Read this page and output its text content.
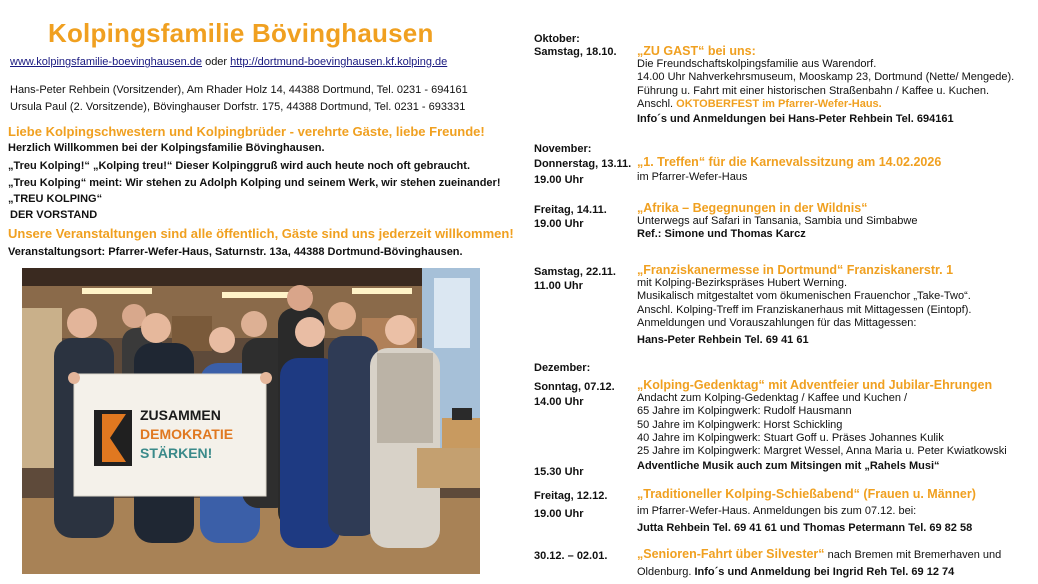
Kolpingsfamilie Bövinghausen
www.kolpingsfamilie-boevinghausen.de oder http://dortmund-boevinghausen.kf.kolping.de
Hans-Peter Rehbein (Vorsitzender), Am Rhader Holz 14, 44388 Dortmund, Tel. 0231 - 694161
Ursula Paul (2. Vorsitzende), Bövinghauser Dorfstr. 175, 44388 Dortmund, Tel. 0231 - 693331
Liebe Kolpingschwestern und Kolpingbrüder - verehrte Gäste, liebe Freunde!
Herzlich Willkommen bei der Kolpingsfamilie Bövinghausen.
„Treu Kolping!“ „Kolping treu!“ Dieser Kolpinggruß wird auch heute noch oft gebraucht.
„Treu Kolping“ meint: Wir stehen zu Adolph Kolping und seinem Werk, wir stehen zueinander!
„TREU KOLPING“
DER VORSTAND
Unsere Veranstaltungen sind alle öffentlich, Gäste sind uns jederzeit willkommen!
Veranstaltungsort: Pfarrer-Wefer-Haus, Saturnstr. 13a, 44388 Dortmund-Bövinghausen.
ZUSAMMEN
DEMOKRATIE
STÄRKEN!
Oktober:
Samstag, 18.10. „ZU GAST“ bei uns:
Die Freundschaftskolpingsfamilie aus Warendorf.
14.00 Uhr Nahverkehrsmuseum, Mooskamp 23, Dortmund (Nette/ Mengede).
Führung u. Fahrt mit einer historischen Straßenbahn / Kaffee u. Kuchen.
Anschl. OKTOBERFEST im Pfarrer-Wefer-Haus.
Info´s und Anmeldungen bei Hans-Peter Rehbein Tel. 694161
November:
Donnerstag, 13.11.
19.00 Uhr
„1. Treffen“ für die Karnevalssitzung am 14.02.2026
im Pfarrer-Wefer-Haus
Freitag, 14.11.
19.00 Uhr
„Afrika – Begegnungen in der Wildnis“
Unterwegs auf Safari in Tansania, Sambia und Simbabwe
Ref.: Simone und Thomas Karcz
Samstag, 22.11.
11.00 Uhr
„Franziskanermesse in Dortmund“ Franziskanerstr. 1
mit Kolping-Bezirkspräses Hubert Werning.
Musikalisch mitgestaltet vom ökumenischen Frauenchor „Take-Two“.
Anschl. Kolping-Treff im Franziskanerhaus mit Mittagessen (Eintopf).
Anmeldungen und Vorauszahlungen für das Mittagessen:
Hans-Peter Rehbein Tel. 69 41 61
Dezember:
Sonntag, 07.12.
14.00 Uhr
15.30 Uhr
„Kolping-Gedenktag“ mit Adventfeier und Jubilar-Ehrungen
Andacht zum Kolping-Gedenktag / Kaffee und Kuchen /
65 Jahre im Kolpingwerk: Rudolf Hausmann
50 Jahre im Kolpingwerk: Horst Schickling
40 Jahre im Kolpingwerk: Stuart Goff u. Präses Johannes Kulik
25 Jahre im Kolpingwerk: Margret Wessel, Anna Maria u. Peter Kwiatkowski
Adventliche Musik auch zum Mitsingen mit „Rahels Musi“
Freitag, 12.12.
19.00 Uhr
„Traditioneller Kolping-Schießabend“ (Frauen u. Männer)
im Pfarrer-Wefer-Haus. Anmeldungen bis zum 07.12. bei:
Jutta Rehbein Tel. 69 41 61 und Thomas Petermann Tel. 69 82 58
30.12. – 02.01. „Senioren-Fahrt über Silvester“ nach Bremen mit Bremerhaven und
Oldenburg. Info´s und Anmeldung bei Ingrid Reh Tel. 69 12 74
